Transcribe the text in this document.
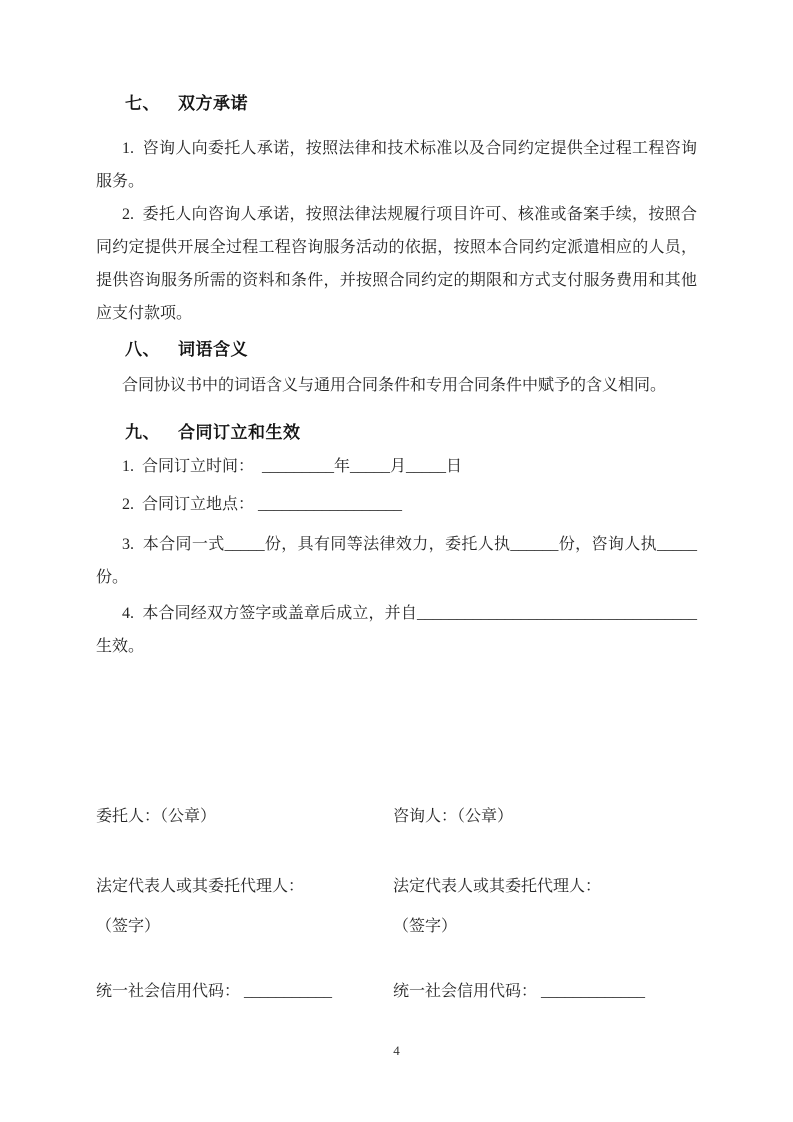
七、 双方承诺

1.  咨询人向委托人承诺，按照法律和技术标准以及合同约定提供全过程工程咨询服务。

2.  委托人向咨询人承诺，按照法律法规履行项目许可、核准或备案手续，按照合同约定提供开展全过程工程咨询服务活动的依据，按照本合同约定派遣相应的人员，提供咨询服务所需的资料和条件，并按照合同约定的期限和方式支付服务费用和其他应支付款项。

八、 词语含义

合同协议书中的词语含义与通用合同条件和专用合同条件中赋予的含义相同。

九、 合同订立和生效

1.  合同订立时间：  _________年_____月_____日

2.  合同订立地点： __________________

3.  本合同一式_____份，具有同等法律效力，委托人执______份，咨询人执_____份。

4.  本合同经双方签字或盖章后成立，并自___________________________________生效。

委托人：（公章）	咨询人：（公章）
法定代表人或其委托代理人：	法定代表人或其委托代理人：
（签字）	（签字）
统一社会信用代码： ___________	统一社会信用代码： _____________
4
